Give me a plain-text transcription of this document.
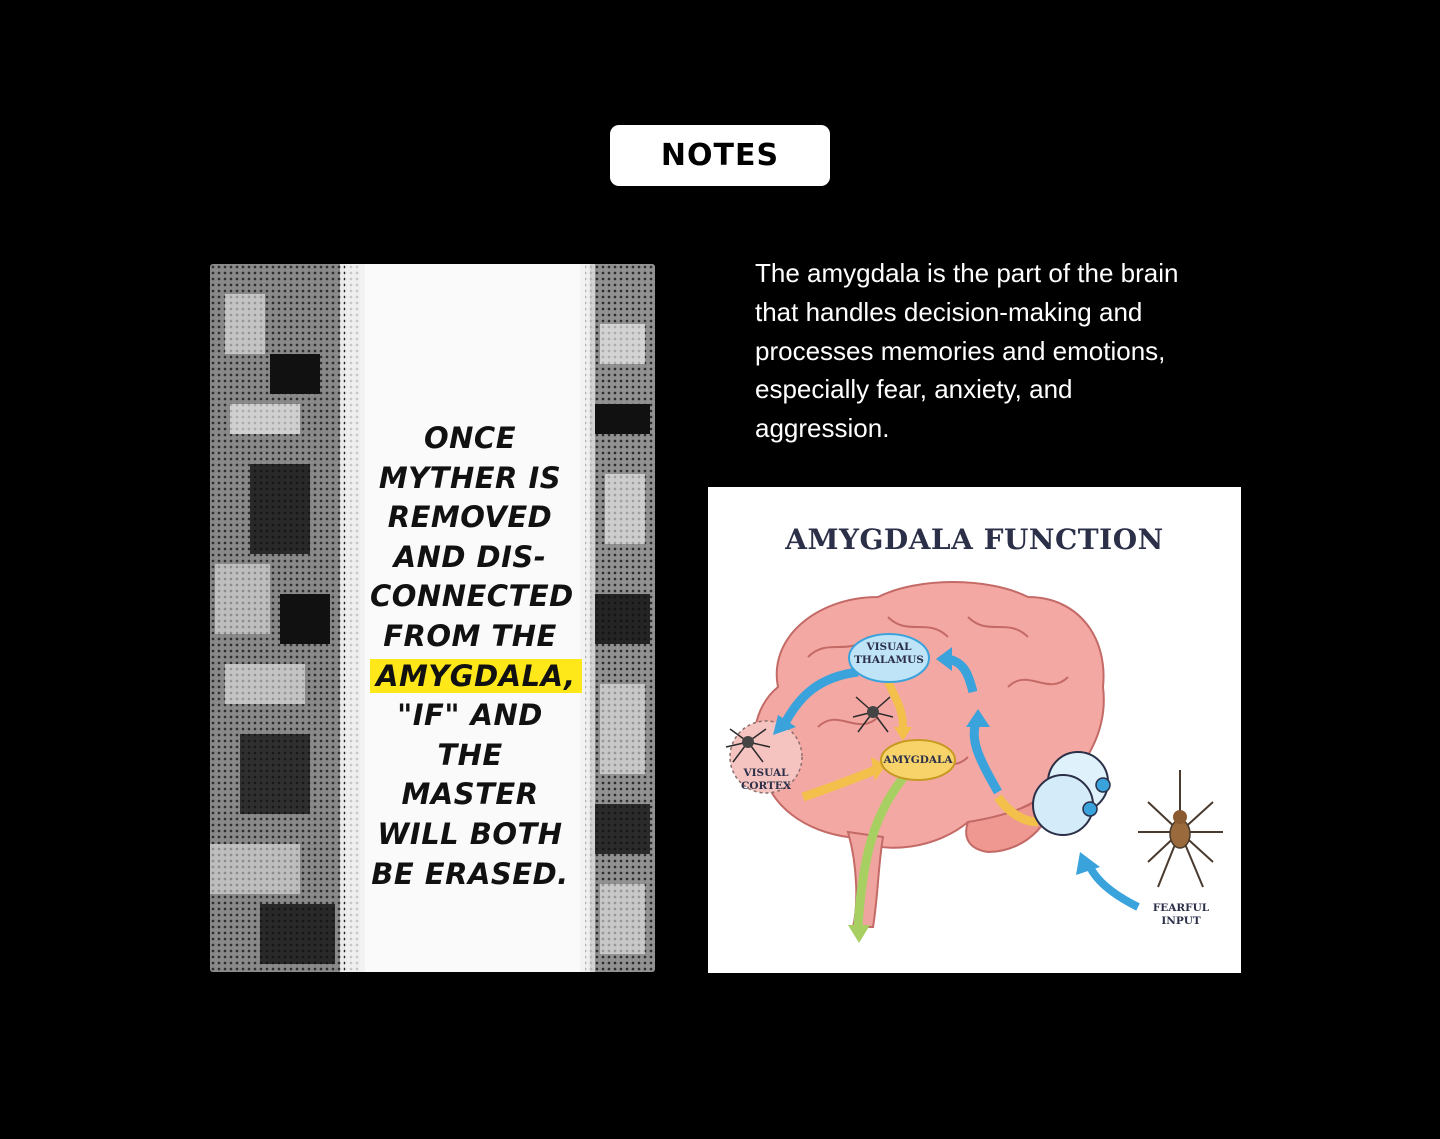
NOTES
ONCE
MYTHER IS
REMOVED
AND DIS-
CONNECTED
FROM THE
AMYGDALA,
"IF" AND
THE MASTER
WILL BOTH
BE ERASED.
The amygdala is the part of the brain that handles decision-making and processes memories and emotions, especially fear, anxiety, and aggression.
AMYGDALA FUNCTION
VISUAL
THALAMUS
AMYGDALA
VISUAL
CORTEX
FEARFUL
INPUT
